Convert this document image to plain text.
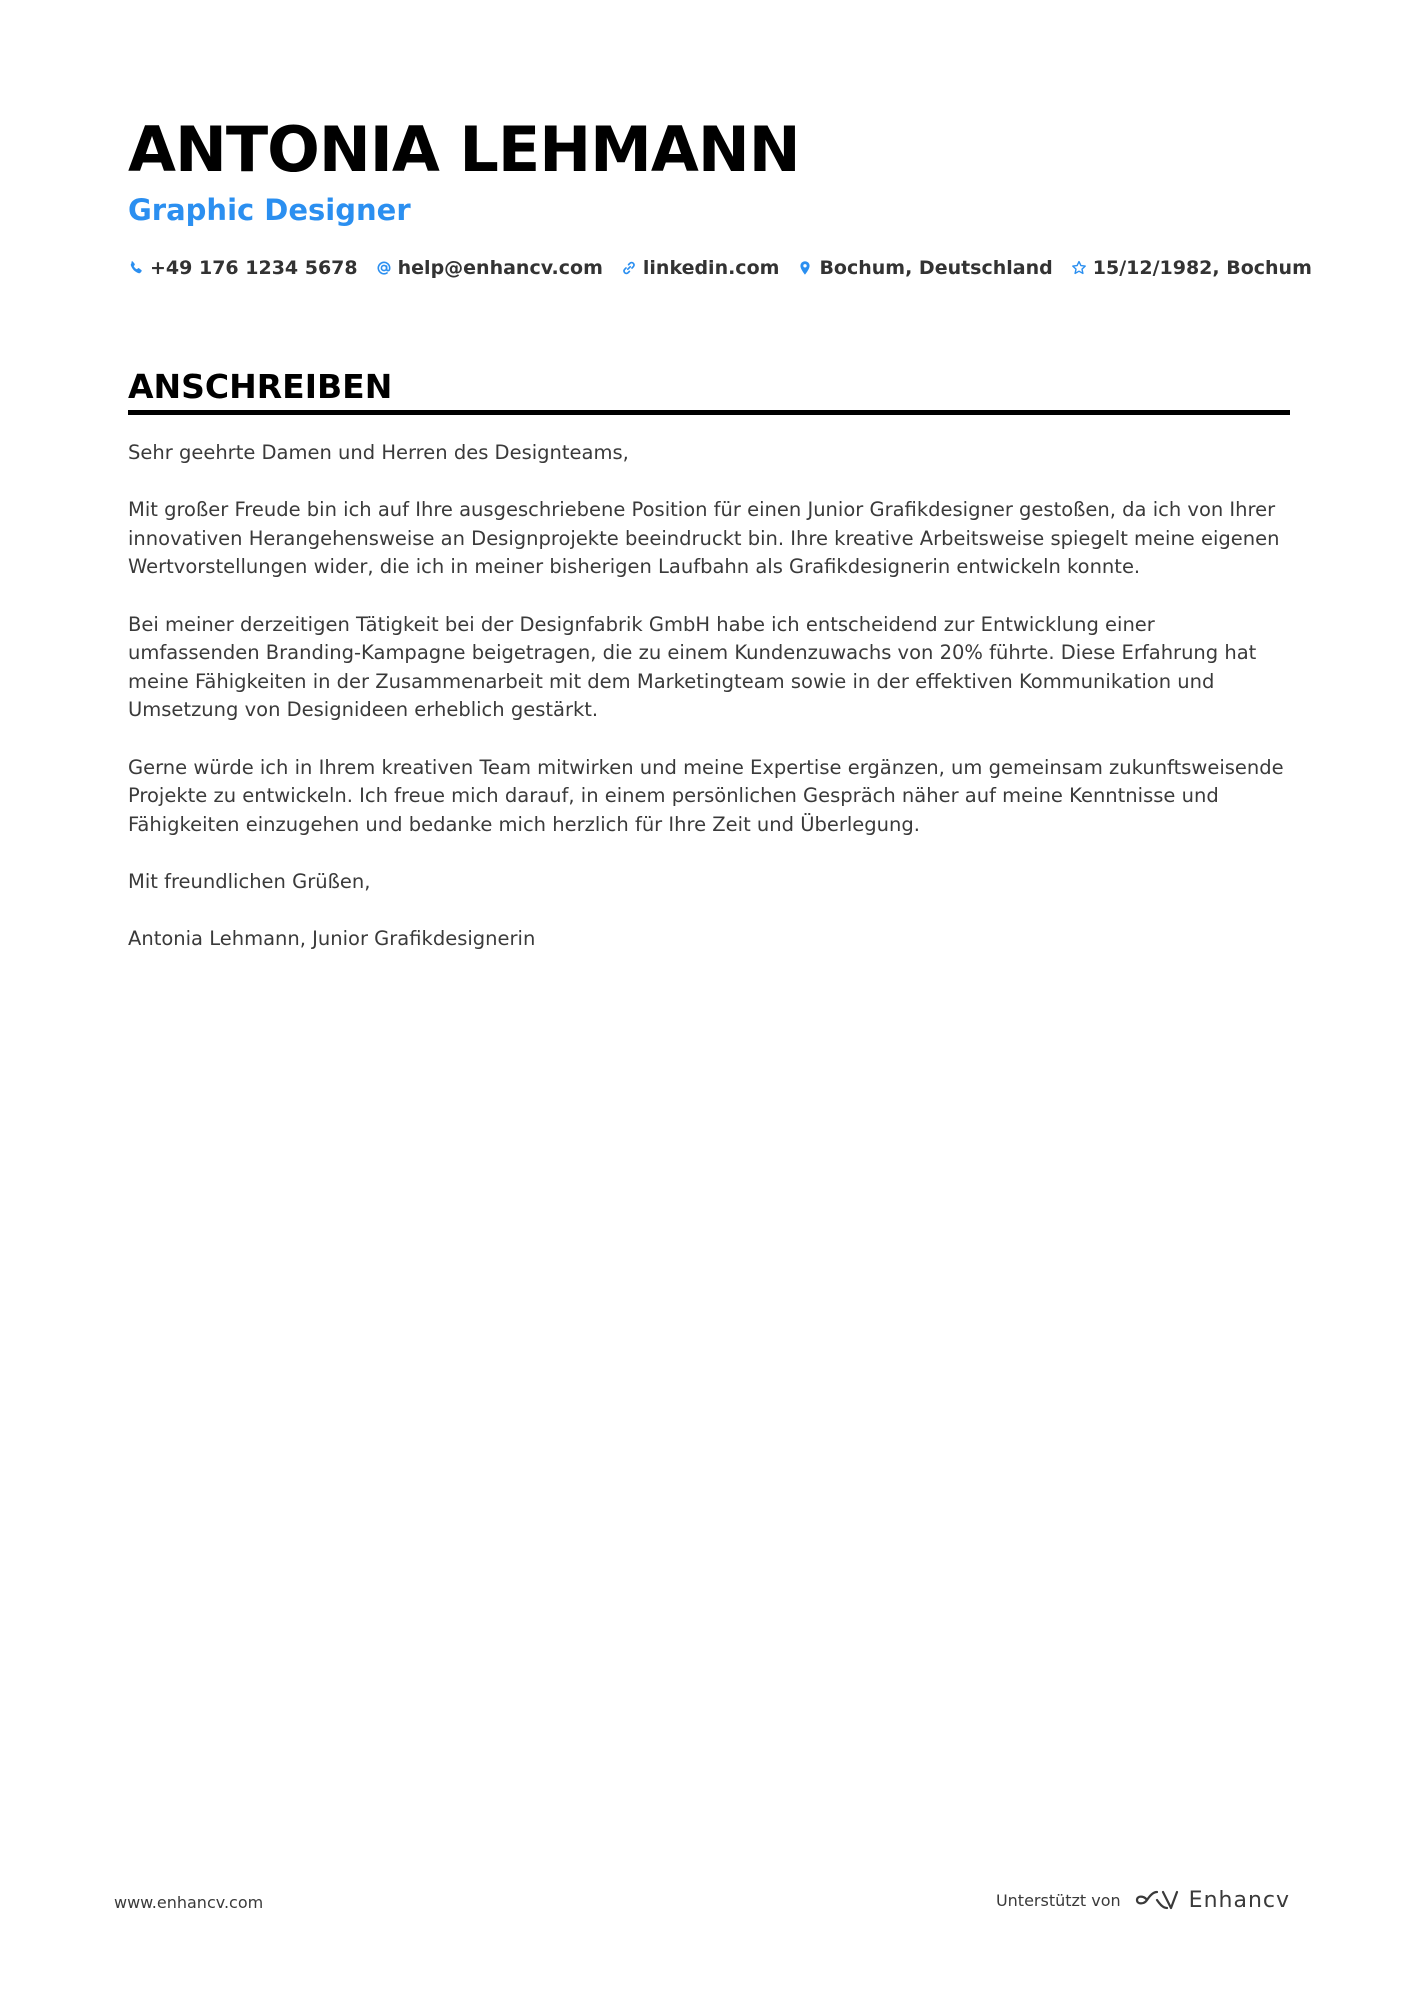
ANTONIA LEHMANN
Graphic Designer
+49 176 1234 5678 help@enhancv.com linkedin.com Bochum, Deutschland 15/12/1982, Bochum
ANSCHREIBEN

Sehr geehrte Damen und Herren des Designteams,

Mit großer Freude bin ich auf Ihre ausgeschriebene Position für einen Junior Grafikdesigner gestoßen, da ich von Ihrer innovativen Herangehensweise an Designprojekte beeindruckt bin. Ihre kreative Arbeitsweise spiegelt meine eigenen Wertvorstellungen wider, die ich in meiner bisherigen Laufbahn als Grafikdesignerin entwickeln konnte.

Bei meiner derzeitigen Tätigkeit bei der Designfabrik GmbH habe ich entscheidend zur Entwicklung einer umfassenden Branding-Kampagne beigetragen, die zu einem Kundenzuwachs von 20% führte. Diese Erfahrung hat meine Fähigkeiten in der Zusammenarbeit mit dem Marketingteam sowie in der effektiven Kommunikation und Umsetzung von Designideen erheblich gestärkt.

Gerne würde ich in Ihrem kreativen Team mitwirken und meine Expertise ergänzen, um gemeinsam zukunftsweisende Projekte zu entwickeln. Ich freue mich darauf, in einem persönlichen Gespräch näher auf meine Kenntnisse und Fähigkeiten einzugehen und bedanke mich herzlich für Ihre Zeit und Überlegung.

Mit freundlichen Grüßen,

Antonia Lehmann, Junior Grafikdesignerin

www.enhancv.com	Unterstützt von	Enhancv
